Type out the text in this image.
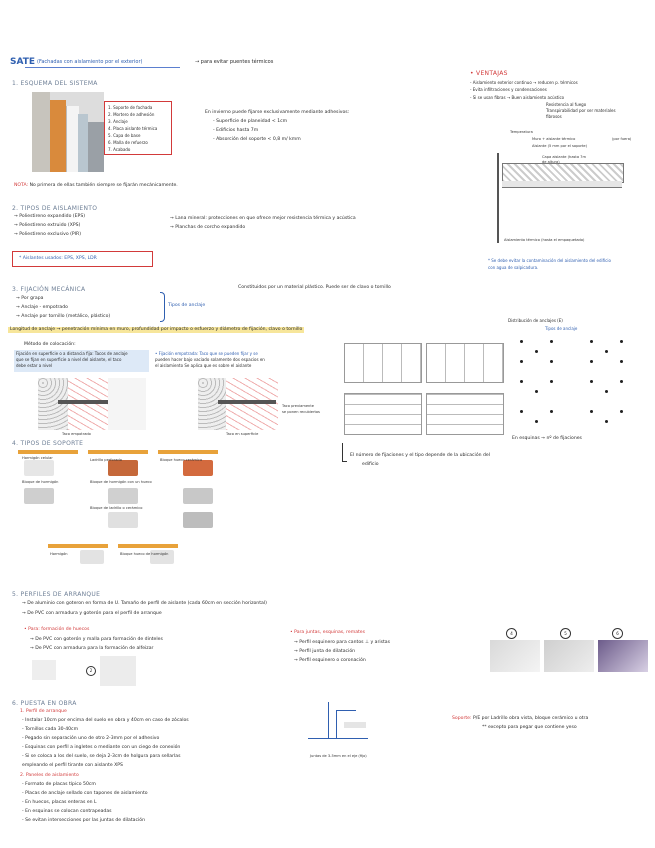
SATE (Fachadas con aislamiento por el exterior)	→ para evitar puentes térmicos
1. ESQUEMA DEL SISTEMA
1. Soporte de fachada
2. Mortero de adhesión
3. Anclaje
4. Placa aislante térmica
5. Capa de base
6. Malla de refuerzo
7. Acabado
En invierno puede fijarse exclusivamente mediante adhesivos:
- Superficie de planeidad < 1cm
- Edificios hasta 7m
- Absorción del soporte < 0,8 m/ kmm
NOTA: No primera de ellas también siempre se fijarán mecánicamente.
• VENTAJAS
- Aislamiento exterior continuo → reducen p. térmicos
- Evita infiltraciones y condensaciones
- Si se usan fibras → Buen aislamiento acústico
Resistencia al fuego
Transpirabilidad por ser materiales
fibrosos
Temperatura
Muro + aislante térmico	(por fuera)
Aislante (5 mm por el soporte)
Capa aislante (hasta 7m
de altura)
Aislamiento térmico (hasta el empaquetado)
* Se debe evitar la contaminación del aislamiento del edificio
con agua de salpicadura.
2. TIPOS DE AISLAMIENTO
→ Poliestireno expandido (EPS)
→ Poliestireno extruido (XPS)
→ Poliestireno exclusivo (PIR)
→ Lana mineral: protecciones en que ofrece mejor resistencia térmica y acústica
→ Planchas de corcho expandido
* Aislantes usados: EPS, XPS, LDR
3. FIJACIÓN MECÁNICA
→ Por grapa
→ Anclaje - empotrado
→ Anclaje por tornillo (metálico, plástico)
Tipos de anclaje
Constituidos por un material plástico. Puede ser de clavo o tornillo
Longitud de anclaje → penetración mínima en muro, profundidad por impacto o esfuerzo y diámetro de fijación, clavo o tornillo
Método de colocación:
Fijación en superficie o a distancia fija: Tacos de anclaje
que se fijan en superficie a nivel del aislante, el taco
debe estar a nivel
• Fijación empotrada: Taco que se pueden fijar y se
pueden hacer bajo vaciado solamente dos espacios en
el aislamiento Se aplica que es sobre el aislante
Taco empotrado	Taco en superficie
Taco previamente
se ponen recubiertos
Distribución de anclajes (E)
Tipos de anclaje
En esquinas → nº de fijaciones
El número de fijaciones y el tipo depende de la ubicación del
edificio
4. TIPOS DE SOPORTE
Hormigón celular
Bloque de hormigón
Ladrillo perforado
Bloque de hormigón con un hueco
Bloque de ladrillo o cerámico
Bloque hueco cerámico
Hormigón	Bloque hueco de hormigón
5. PERFILES DE ARRANQUE
→ De aluminio con goteron en forma de U. Tamaño de perfil de aislante (cada 60cm en sección horizontal)
→ De PVC con armadura y goterón para el perfil de arranque
• Para: formación de huecos
→ De PVC con goterón y malla para formación de dinteles
→ De PVC con armadura para la formación de alfeizar
2
• Para juntas, esquinas, remates
→ Perfil esquinero para cantos ⊥ y aristas
→ Perfil junta de dilatación
→ Perfil esquinero o coronación
4	5	6
6. PUESTA EN OBRA
1. Perfil de arranque
- Instalar 10cm por encima del suelo en obra y 40cm en caso de zócalos
- Tornillos cada 30-40cm
- Pegado sin separación uno de otro 2-3mm por el adhesivo
- Esquinas con perfil a ingletes o mediante con un ciego de conexión
- Si se coloca a los del suelo, se deja 2-3cm de holgura para sellarlas
empleando el perfil tirante con aislante XPS
2. Paneles de aislamiento
- Formato de placas típico 50cm
- Placas de anclaje sellado con tapones de aislamiento
- En huecos, placas enteras en L
- En esquinas se colocan contrapeadas
- Se evitan intersecciones por las juntas de dilatación
Juntas de 3-5mm en el eje (fijo)
Soporte: P/E por Ladrillo obra vista, bloque cerámico u otra
** excepto para pegar que contiene yeso
